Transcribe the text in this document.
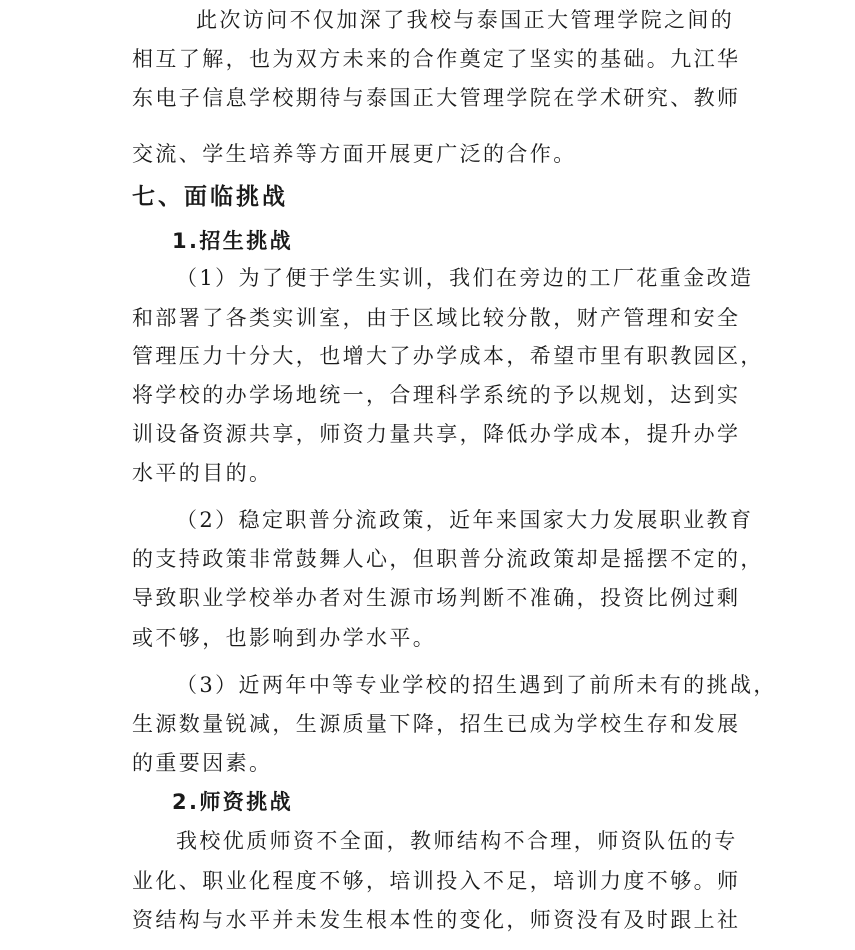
此次访问不仅加深了我校与泰国正大管理学院之间的
相互了解，也为双方未来的合作奠定了坚实的基础。九江华
东电子信息学校期待与泰国正大管理学院在学术研究、教师
交流、学生培养等方面开展更广泛的合作。
七、面临挑战
1.招生挑战
（1）为了便于学生实训，我们在旁边的工厂花重金改造
和部署了各类实训室，由于区域比较分散，财产管理和安全
管理压力十分大，也增大了办学成本，希望市里有职教园区，
将学校的办学场地统一，合理科学系统的予以规划，达到实
训设备资源共享，师资力量共享，降低办学成本，提升办学
水平的目的。
（2）稳定职普分流政策，近年来国家大力发展职业教育
的支持政策非常鼓舞人心，但职普分流政策却是摇摆不定的，
导致职业学校举办者对生源市场判断不准确，投资比例过剩
或不够，也影响到办学水平。
（3）近两年中等专业学校的招生遇到了前所未有的挑战，
生源数量锐减，生源质量下降，招生已成为学校生存和发展
的重要因素。
2.师资挑战
我校优质师资不全面，教师结构不合理，师资队伍的专
业化、职业化程度不够，培训投入不足，培训力度不够。师
资结构与水平并未发生根本性的变化，师资没有及时跟上社
